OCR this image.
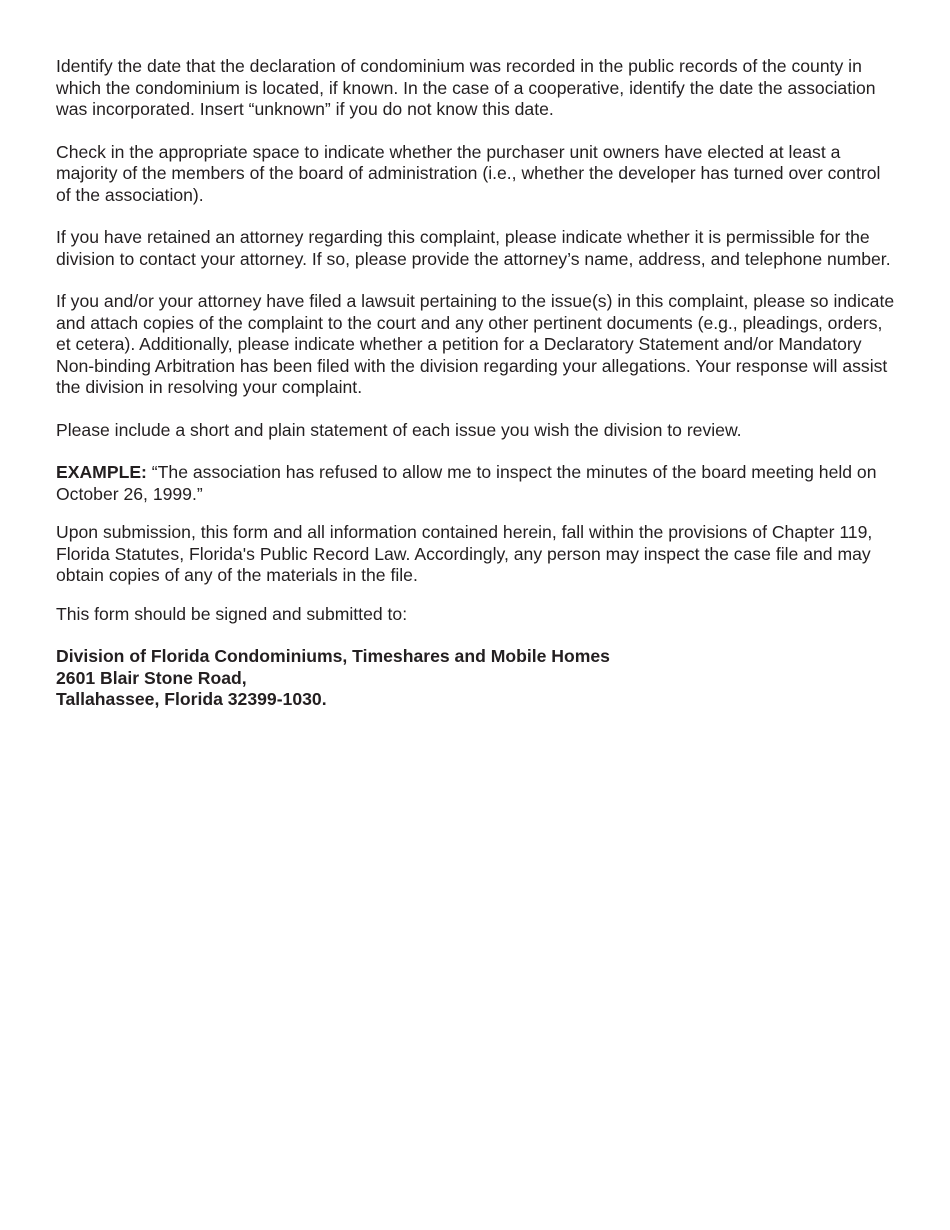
Identify the date that the declaration of condominium was recorded in the public records of the county in which the condominium is located, if known. In the case of a cooperative, identify the date the association was incorporated. Insert “unknown” if you do not know this date.

Check in the appropriate space to indicate whether the purchaser unit owners have elected at least a majority of the members of the board of administration (i.e., whether the developer has turned over control of the association).

If you have retained an attorney regarding this complaint, please indicate whether it is permissible for the division to contact your attorney. If so, please provide the attorney’s name, address, and telephone number.

If you and/or your attorney have filed a lawsuit pertaining to the issue(s) in this complaint, please so indicate and attach copies of the complaint to the court and any other pertinent documents (e.g., pleadings, orders, et cetera). Additionally, please indicate whether a petition for a Declaratory Statement and/or Mandatory Non-binding Arbitration has been filed with the division regarding your allegations. Your response will assist the division in resolving your complaint.

Please include a short and plain statement of each issue you wish the division to review.

EXAMPLE: “The association has refused to allow me to inspect the minutes of the board meeting held on October 26, 1999.”

Upon submission, this form and all information contained herein, fall within the provisions of Chapter 119, Florida Statutes, Florida's Public Record Law. Accordingly, any person may inspect the case file and may obtain copies of any of the materials in the file.

This form should be signed and submitted to:

Division of Florida Condominiums, Timeshares and Mobile Homes
2601 Blair Stone Road,
Tallahassee, Florida 32399-1030.
